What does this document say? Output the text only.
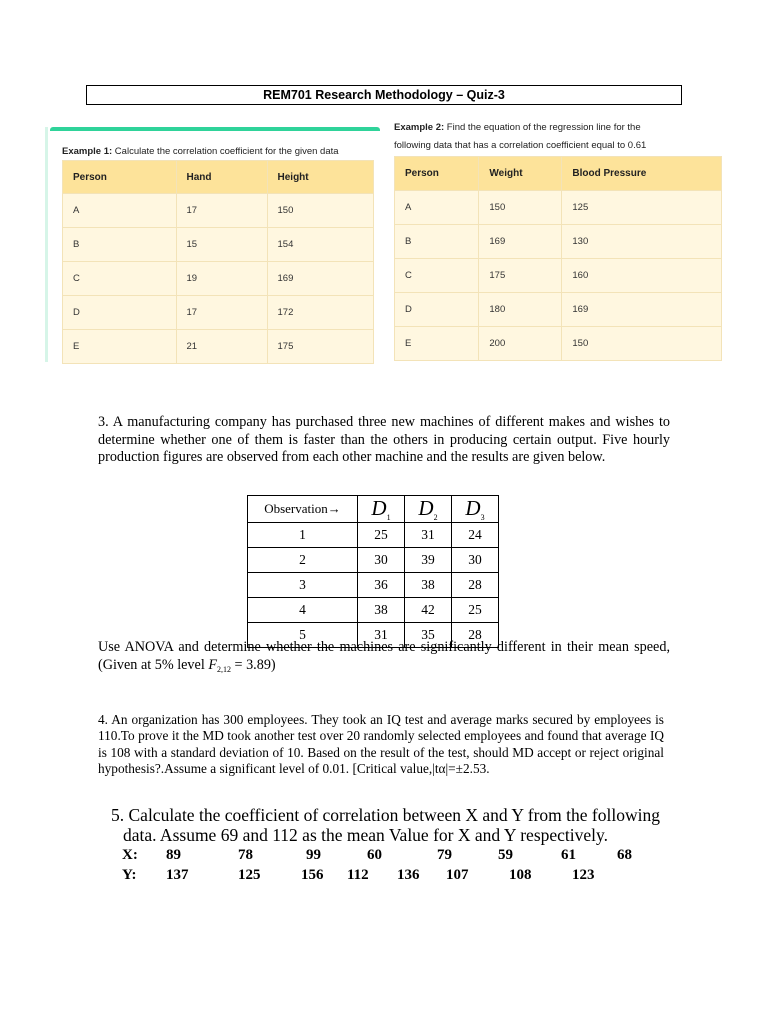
REM701 Research Methodology – Quiz-3
Example 1: Calculate the correlation coefficient for the given data
Person	Hand	Height
A	17	150
B	15	154
C	19	169
D	17	172
E	21	175
Example 2: Find the equation of the regression line for the
following data that has a correlation coefficient equal to 0.61
Person	Weight	Blood Pressure
A	150	125
B	169	130
C	175	160
D	180	169
E	200	150
3. A manufacturing company has purchased three new machines of different makes and wishes to determine whether one of them is faster than the others in producing certain output. Five hourly production figures are observed from each other machine and the results are given below.
Observation→	$D_1$	$D_2$	$D_3$
1	25	31	24
2	30	39	30
3	36	38	28
4	38	42	25
5	31	35	28
Use ANOVA and determine whether the machines are significantly different in their mean speed, (Given at 5% level $F_{2,12} = 3.89$)
4. An organization has 300 employees. They took an IQ test and average marks secured by employees is 110.To prove it the MD took another test over 20 randomly selected employees and found that average IQ is 108 with a standard deviation of 10. Based on the result of the test, should MD accept or reject original hypothesis?.Assume a significant level of 0.01. [Critical value,|tα|=±2.53.
5. Calculate the coefficient of correlation between X and Y from the following
data. Assume 69 and 112 as the mean Value for X and Y respectively.
X: 89	78	99	60	79	59	61	68
Y: 137	125	156 112 136 107	108	123
